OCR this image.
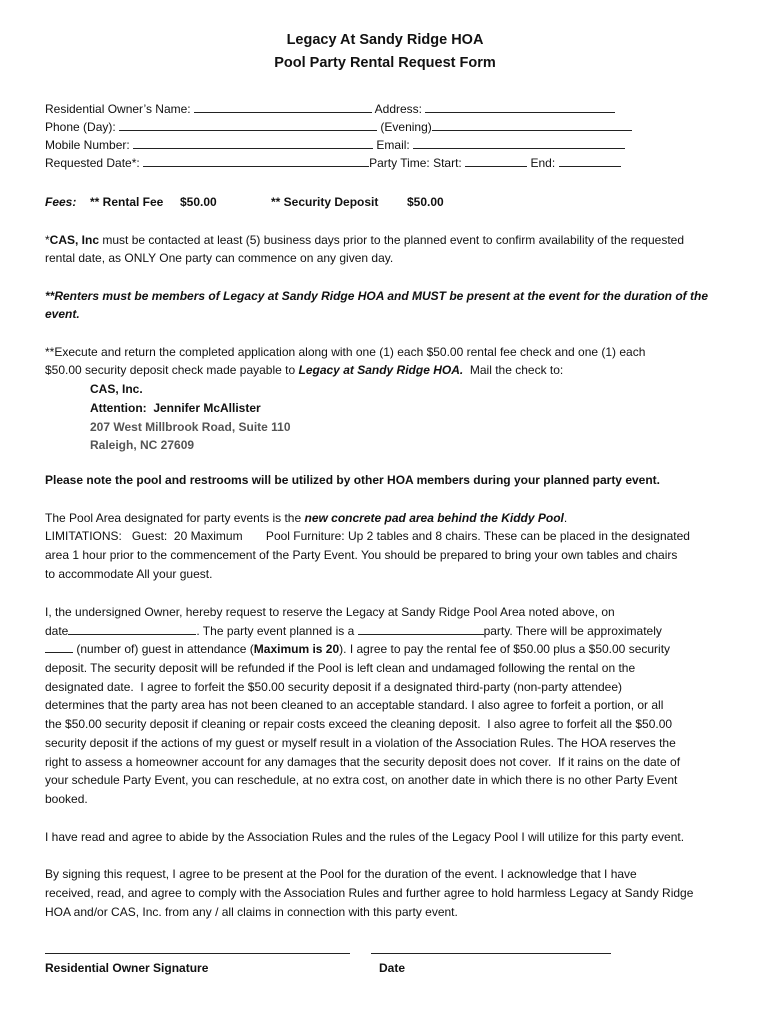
Legacy At Sandy Ridge HOA
Pool Party Rental Request Form
Residential Owner’s Name:	Address:
Phone (Day):	(Evening)
Mobile Number:	Email:
Requested Date*:	Party Time: Start:	End:
Fees: ** Rental Fee $50.00	** Security Deposit $50.00
*CAS, Inc must be contacted at least (5) business days prior to the planned event to confirm availability of the requested
rental date, as ONLY One party can commence on any given day.
**Renters must be members of Legacy at Sandy Ridge HOA and MUST be present at the event for the duration of the
event.
**Execute and return the completed application along with one (1) each $50.00 rental fee check and one (1) each
$50.00 security deposit check made payable to Legacy at Sandy Ridge HOA.  Mail the check to:
CAS, Inc.
Attention:  Jennifer McAllister
207 West Millbrook Road, Suite 110
Raleigh, NC 27609
Please note the pool and restrooms will be utilized by other HOA members during your planned party event.
The Pool Area designated for party events is the new concrete pad area behind the Kiddy Pool.
LIMITATIONS:   Guest:  20 Maximum       Pool Furniture: Up 2 tables and 8 chairs. These can be placed in the designated
area 1 hour prior to the commencement of the Party Event. You should be prepared to bring your own tables and chairs
to accommodate All your guest.
I, the undersigned Owner, hereby request to reserve the Legacy at Sandy Ridge Pool Area noted above, on
date	. The party event planned is a	party. There will be approximately
(number of) guest in attendance (Maximum is 20). I agree to pay the rental fee of $50.00 plus a $50.00 security
deposit. The security deposit will be refunded if the Pool is left clean and undamaged following the rental on the
designated date.  I agree to forfeit the $50.00 security deposit if a designated third-party (non-party attendee)
determines that the party area has not been cleaned to an acceptable standard. I also agree to forfeit a portion, or all
the $50.00 security deposit if cleaning or repair costs exceed the cleaning deposit.  I also agree to forfeit all the $50.00
security deposit if the actions of my guest or myself result in a violation of the Association Rules. The HOA reserves the
right to assess a homeowner account for any damages that the security deposit does not cover.  If it rains on the date of
your schedule Party Event, you can reschedule, at no extra cost, on another date in which there is no other Party Event
booked.
I have read and agree to abide by the Association Rules and the rules of the Legacy Pool I will utilize for this party event.
By signing this request, I agree to be present at the Pool for the duration of the event. I acknowledge that I have
received, read, and agree to comply with the Association Rules and further agree to hold harmless Legacy at Sandy Ridge
HOA and/or CAS, Inc. from any / all claims in connection with this party event.
Residential Owner Signature	Date
